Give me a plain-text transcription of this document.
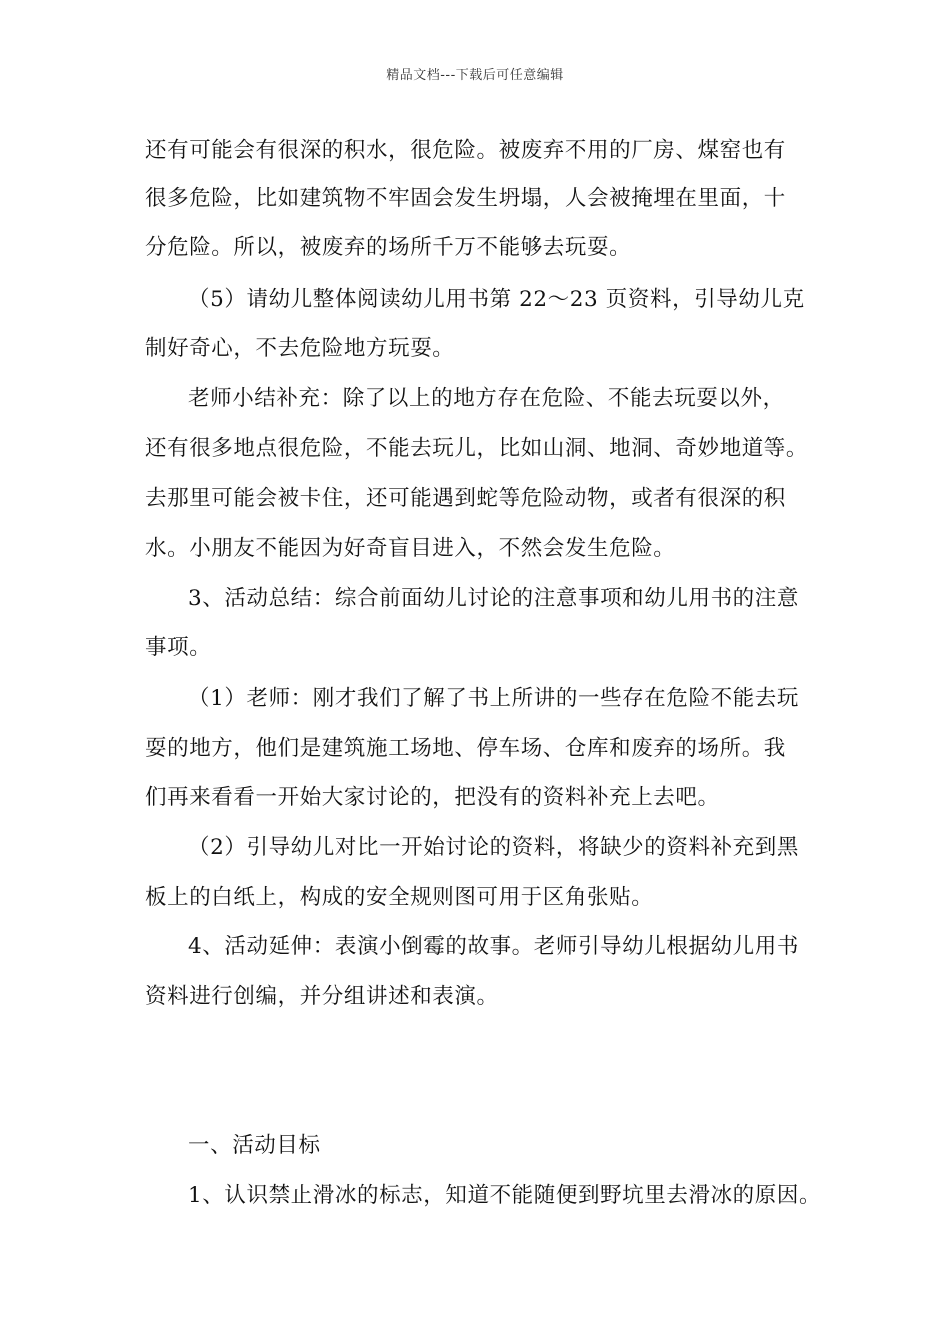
精品文档---下载后可任意编辑
还有可能会有很深的积水，很危险。被废弃不用的厂房、煤窑也有
很多危险，比如建筑物不牢固会发生坍塌，人会被掩埋在里面，十
分危险。所以，被废弃的场所千万不能够去玩耍。
（5）请幼儿整体阅读幼儿用书第 22～23 页资料，引导幼儿克
制好奇心，不去危险地方玩耍。
老师小结补充：除了以上的地方存在危险、不能去玩耍以外，
还有很多地点很危险，不能去玩儿，比如山洞、地洞、奇妙地道等。
去那里可能会被卡住，还可能遇到蛇等危险动物，或者有很深的积
水。小朋友不能因为好奇盲目进入，不然会发生危险。
3、活动总结：综合前面幼儿讨论的注意事项和幼儿用书的注意
事项。
（1）老师：刚才我们了解了书上所讲的一些存在危险不能去玩
耍的地方，他们是建筑施工场地、停车场、仓库和废弃的场所。我
们再来看看一开始大家讨论的，把没有的资料补充上去吧。
（2）引导幼儿对比一开始讨论的资料，将缺少的资料补充到黑
板上的白纸上，构成的安全规则图可用于区角张贴。
4、活动延伸：表演小倒霉的故事。老师引导幼儿根据幼儿用书
资料进行创编，并分组讲述和表演。
一、活动目标
1、认识禁止滑冰的标志，知道不能随便到野坑里去滑冰的原因。
